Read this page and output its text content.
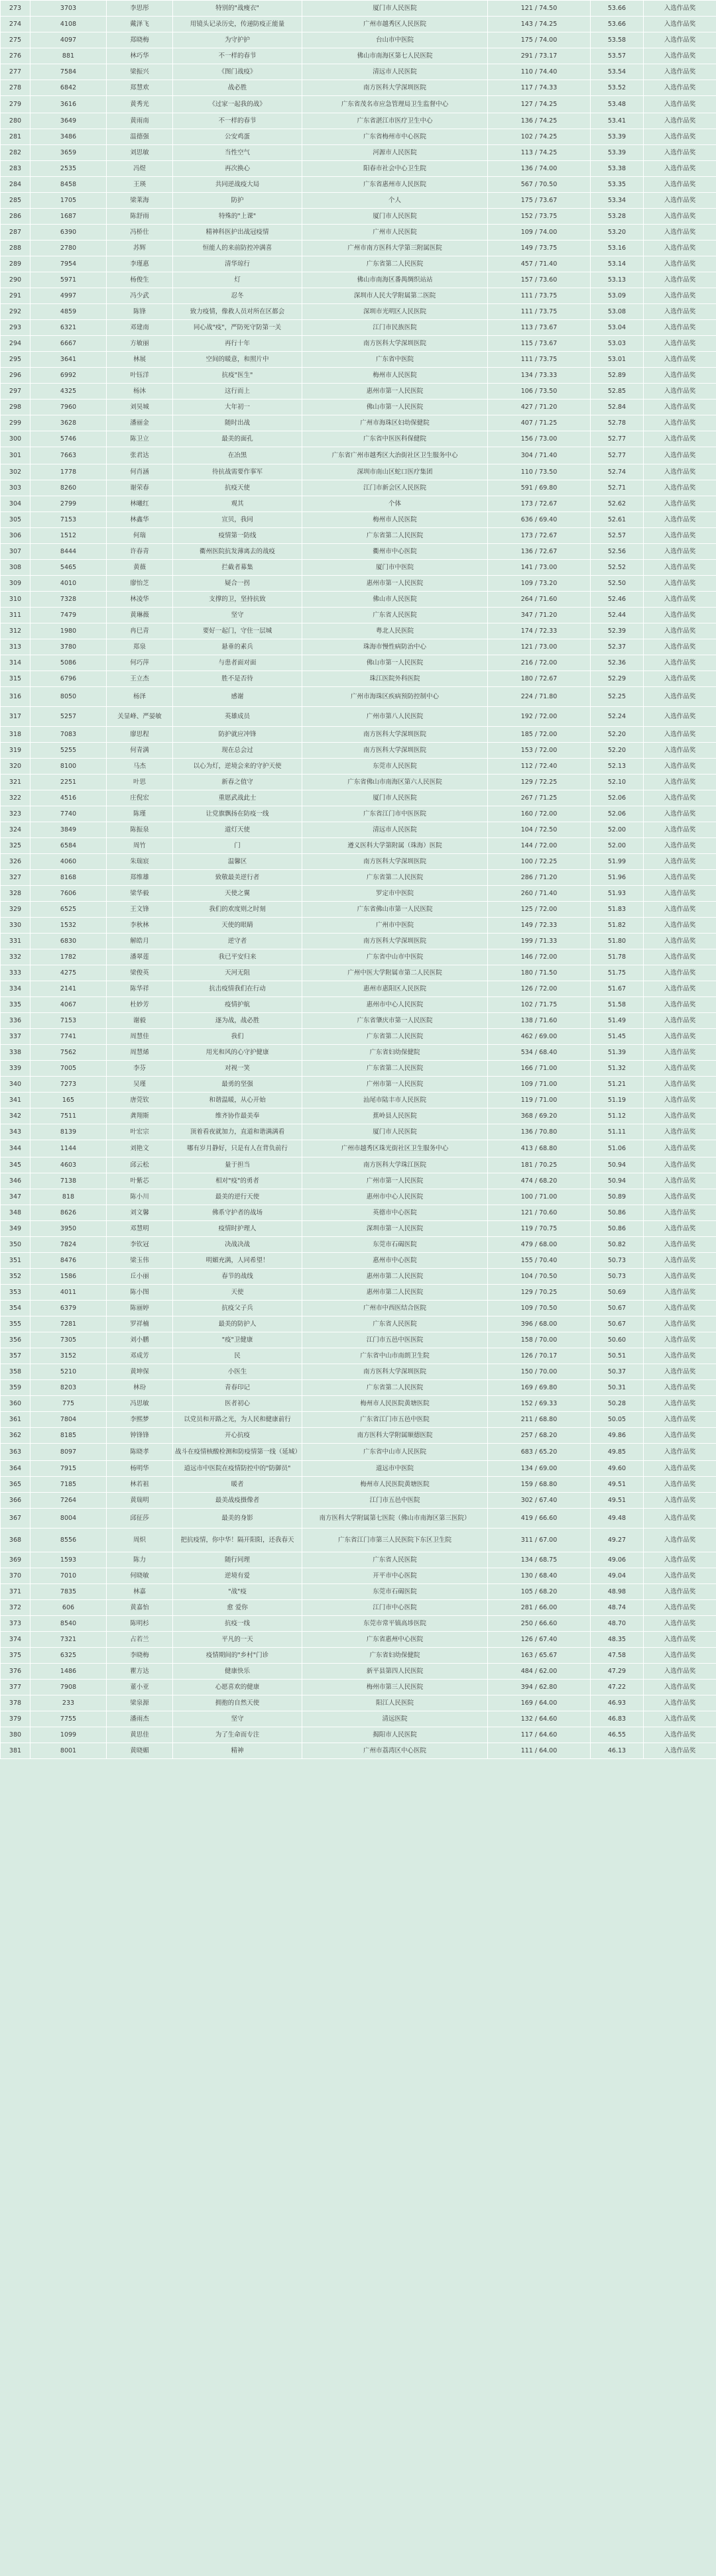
273	3703	李思彤	特别的"战瘦衣"	厦门市人民医院	121 / 74.50	53.66	入选作品奖
274	4108	戴泽飞	用镜头记录历史，传递防疫正能量	广州市越秀区人民医院	143 / 74.25	53.66	入选作品奖
275	4097	郑晓梅	为守护护	台山市中医院	175 / 74.00	53.58	入选作品奖
276	881	林巧华	不一样的春节	佛山市南海区第七人民医院	291 / 73.17	53.57	入选作品奖
277	7584	梁振兴	《图门战疫》	清远市人民医院	110 / 74.40	53.54	入选作品奖
278	6842	郑慧欢	战必胜	南方医科大学深圳医院	117 / 74.33	53.52	入选作品奖
279	3616	黄秀光	《过家一起我的战》	广东省茂名市应急管理局卫生监督中心	127 / 74.25	53.48	入选作品奖
280	3649	黄雨南	不一样的春节	广东省湛江市医疗卫生中心	136 / 74.25	53.41	入选作品奖
281	3486	温德强	公安鸡蛋	广东省梅州市中心医院	102 / 74.25	53.39	入选作品奖
282	3659	刘思敏	当性空气	河源市人民医院	113 / 74.25	53.39	入选作品奖
283	2535	冯煜	再次换心	阳春市社会中心卫生院	136 / 74.00	53.38	入选作品奖
284	8458	王瑛	共同逆战疫大局	广东省惠州市人民医院	567 / 70.50	53.35	入选作品奖
285	1705	梁莱海	防护	个人	175 / 73.67	53.34	入选作品奖
286	1687	陈舒雨	特殊的"上课"	厦门市人民医院	152 / 73.75	53.28	入选作品奖
287	6390	冯桥仕	精神科医护出战冠疫情	广州市人民医院	109 / 74.00	53.20	入选作品奖
288	2780	苏辉	恒能人的来前防控冲满喜	广州市南方医科大学第三附属医院	149 / 73.75	53.16	入选作品奖
289	7954	李瑾惠	清华琼行	广东省第二人民医院	457 / 71.40	53.14	入选作品奖
290	5971	杨俊生	灯	佛山市南海区番禺绸织站站	157 / 73.60	53.13	入选作品奖
291	4997	冯少武	忍冬	深圳市人民大学附属第二医院	111 / 73.75	53.09	入选作品奖
292	4859	陈锋	致力疫情，像救人员对所在区都会	深圳市光明区人民医院	111 / 73.75	53.08	入选作品奖
293	6321	邓建南	同心战"疫"，严防死守防第一关	江门市民族医院	113 / 73.67	53.04	入选作品奖
294	6667	方敏丽	再行十年	南方医科大学深圳医院	115 / 73.67	53.03	入选作品奖
295	3641	林展	空间的暖意，和照片中	广东省中医院	111 / 73.75	53.01	入选作品奖
296	6992	叶钰洋	抗疫"医生"	梅州市人民医院	134 / 73.33	52.89	入选作品奖
297	4325	杨沐	这行而上	惠州市第一人民医院	106 / 73.50	52.85	入选作品奖
298	7960	刘昊城	大年初一	佛山市第一人民医院	427 / 71.20	52.84	入选作品奖
299	3628	潘丽金	随时出战	广州市海珠区妇幼保健院	407 / 71.25	52.78	入选作品奖
300	5746	陈卫立	最美的面孔	广东省中医医科保健院	156 / 73.00	52.77	入选作品奖
301	7663	张君达	在冶黑	广东省广州市越秀区大治街社区卫生服务中心	304 / 71.40	52.77	入选作品奖
302	1778	何肖涵	待抗战需要作事军	深圳市南山区蛇口医疗集团	110 / 73.50	52.74	入选作品奖
303	8260	谢荣春	抗疫天使	江门市新会区人民医院	591 / 69.80	52.71	入选作品奖
304	2799	林曦红	观其	个体	173 / 72.67	52.62	入选作品奖
305	7153	林鑫华	宣贝，我同	梅州市人民医院	636 / 69.40	52.61	入选作品奖
306	1512	何瑞	疫情第一防线	广东省第二人民医院	173 / 72.67	52.57	入选作品奖
307	8444	许春青	衢州医院抗发薄离去的战疫	衢州市中心医院	136 / 72.67	52.56	入选作品奖
308	5465	黄薇	拦截者募集	厦门市中医院	141 / 73.00	52.52	入选作品奖
309	4010	廖怡芝	疑合一拐	惠州市第一人民医院	109 / 73.20	52.50	入选作品奖
310	7328	林凌华	支撑的卫，坚持抗致	佛山市人民医院	264 / 71.60	52.46	入选作品奖
311	7479	黄琳薇	坚守	广东省人民医院	347 / 71.20	52.44	入选作品奖
312	1980	冉巳青	要好一起门，守住一层城	粤北人民医院	174 / 72.33	52.39	入选作品奖
313	3780	郑泉	悬垂的素兵	珠海市慢性病防治中心	121 / 73.00	52.37	入选作品奖
314	5086	何巧萍	与患者面对面	佛山市第一人民医院	216 / 72.00	52.36	入选作品奖
315	6796	王立杰	胜不是否待	珠江医院外科医院	180 / 72.67	52.29	入选作品奖
316	8050	杨泽	感谢	广州市海珠区疾病预防控制中心	224 / 71.80	52.25	入选作品奖
317	5257	关显峰、严晏敏	英雄成员	广州市第八人民医院	192 / 72.00	52.24	入选作品奖
318	7083	廖思程	防护就应冲锋	南方医科大学深圳医院	185 / 72.00	52.20	入选作品奖
319	5255	何青满	现在总会过	南方医科大学深圳医院	153 / 72.00	52.20	入选作品奖
320	8100	马杰	以心为灯，逆境会来的守护天使	东莞市人民医院	112 / 72.40	52.13	入选作品奖
321	2251	叶思	新春之值守	广东省佛山市南海区第六人民医院	129 / 72.25	52.10	入选作品奖
322	4516	庄倪宏	重愿武战此士	厦门市人民医院	267 / 71.25	52.06	入选作品奖
323	7740	陈瑾	让党旗飘扬在防疫一线	广东省江门市中医医院	160 / 72.00	52.06	入选作品奖
324	3849	陈振泉	道灯天使	清远市人民医院	104 / 72.50	52.00	入选作品奖
325	6584	周竹	门	遵义医科大学第附属（珠海）医院	144 / 72.00	52.00	入选作品奖
326	4060	朱瑞宸	温馨区	南方医科大学深圳医院	100 / 72.25	51.99	入选作品奖
327	8168	郑维雄	致敬最美逆行者	广东省第二人民医院	286 / 71.20	51.96	入选作品奖
328	7606	梁华毅	天使之翼	罗定市中医院	260 / 71.40	51.93	入选作品奖
329	6525	王文锋	我们的欢度则之时刻	广东省佛山市第一人民医院	125 / 72.00	51.83	入选作品奖
330	1532	李秋林	天使的眼睛	广州市中医院	149 / 72.33	51.82	入选作品奖
331	6830	解皓月	逆守者	南方医科大学深圳医院	199 / 71.33	51.80	入选作品奖
332	1782	潘翠莲	我已平安归来	广东省中山市中医院	146 / 72.00	51.78	入选作品奖
333	4275	梁俊英	天河无阻	广州中医大学附属市第二人民医院	180 / 71.50	51.75	入选作品奖
334	2141	陈华祥	抗击疫情我们在行动	惠州市惠阳区人民医院	126 / 72.00	51.67	入选作品奖
335	4067	杜妙芳	疫情护航	惠州市中心人民医院	102 / 71.75	51.58	入选作品奖
336	7153	谢毅	逐为战，战必胜	广东省肇庆市第一人民医院	138 / 71.60	51.49	入选作品奖
337	7741	周慧佳	我们	广东省第二人民医院	462 / 69.00	51.45	入选作品奖
338	7562	周慧烯	用光和风的心守护健康	广东省妇幼保健院	534 / 68.40	51.39	入选作品奖
339	7005	李芬	对视一笑	广东省第二人民医院	166 / 71.00	51.32	入选作品奖
340	7273	吴瑾	最勇的坚强	广州市第一人民医院	109 / 71.00	51.21	入选作品奖
341	165	唐莞钦	和谐温暖，从心开始	汕尾市陆丰市人民医院	119 / 71.00	51.19	入选作品奖
342	7511	龚翔斯	维齐协作最美奉	蕉岭县人民医院	368 / 69.20	51.12	入选作品奖
343	8139	叶宏宗	顶着看夜就加力，直道和谐满满看	厦门市人民医院	136 / 70.80	51.11	入选作品奖
344	1144	刘艳文	哪有岁月静好，只是有人在背负前行	广州市越秀区珠光街社区卫生服务中心	413 / 68.80	51.06	入选作品奖
345	4603	邱云松	量于担当	南方医科大学珠江医院	181 / 70.25	50.94	入选作品奖
346	7138	叶紫芯	相对"疫"的勇者	广州市第一人民医院	474 / 68.20	50.94	入选作品奖
347	818	陈小川	最美的逆行天使	惠州市中心人民医院	100 / 71.00	50.89	入选作品奖
348	8626	刘文馨	佛系守护者的战场	英德市中心医院	121 / 70.60	50.86	入选作品奖
349	3950	邓慧明	疫情时护理人	深圳市第一人民医院	119 / 70.75	50.86	入选作品奖
350	7824	李钦冠	决战决战	东莞市石碣医院	479 / 68.00	50.82	入选作品奖
351	8476	梁玉伟	明媚充满，人同希望！	惠州市中心医院	155 / 70.40	50.73	入选作品奖
352	1586	丘小丽	春节的战线	惠州市第二人民医院	104 / 70.50	50.73	入选作品奖
353	4011	陈小图	天使	惠州市第二人民医院	129 / 70.25	50.69	入选作品奖
354	6379	陈丽婷	抗疫父子兵	广州市中西医结合医院	109 / 70.50	50.67	入选作品奖
355	7281	罗祥楠	最美的防护人	广东省人民医院	396 / 68.00	50.67	入选作品奖
356	7305	刘小鹏	"疫"卫健康	江门市五邑中医医院	158 / 70.00	50.60	入选作品奖
357	3152	邓成芳	民	广东省中山市南朗卫生院	126 / 70.17	50.51	入选作品奖
358	5210	黄坤保	小医生	南方医科大学深圳医院	150 / 70.00	50.37	入选作品奖
359	8203	林玢	青春印记	广东省第二人民医院	169 / 69.80	50.31	入选作品奖
360	775	冯思敏	医者初心	梅州市人民医院黄塘医院	152 / 69.33	50.28	入选作品奖
361	7804	李熙梦	以党员和开路之光，为人民和健康前行	广东省江门市五邑中医院	211 / 68.80	50.05	入选作品奖
362	8185	钟锋锋	开心抗疫	南方医科大学附属顺德医院	257 / 68.20	49.86	入选作品奖
363	8097	陈晓孝	战斗在疫情核酸检测和防疫情第一线（延城）	广东省中山市人民医院	683 / 65.20	49.85	入选作品奖
364	7915	杨明华	道远市中医院在疫情防控中的"防御员"	道远市中医院	134 / 69.00	49.60	入选作品奖
365	7185	林若祖	暖者	梅州市人民医院黄塘医院	159 / 68.80	49.51	入选作品奖
366	7264	黄瑞明	最美战疫摄像者	江门市五邑中医院	302 / 67.40	49.51	入选作品奖
367	8004	邱征莎	最美的身影	南方医科大学附属第七医院（佛山市南海区第三医院）	419 / 66.60	49.48	入选作品奖
368	8556	周炽	把抗疫情，你中华！隔开阳阳，还我春天	广东省江门市第三人民医院下东区卫生院	311 / 67.00	49.27	入选作品奖
369	1593	陈力	随行同理	广东省人民医院	134 / 68.75	49.06	入选作品奖
370	7010	何晓敏	逆境有爱	开平市中心医院	130 / 68.40	49.04	入选作品奖
371	7835	林嘉	"战"疫	东莞市石碣医院	105 / 68.20	48.98	入选作品奖
372	606	黄嘉怡	愈 爱你	江门市中心医院	281 / 66.00	48.74	入选作品奖
373	8540	陈明杉	抗疫一线	东莞市常平镇高埗医院	250 / 66.60	48.70	入选作品奖
374	7321	占若兰	平凡的一天	广东省惠州中心医院	126 / 67.40	48.35	入选作品奖
375	6325	李晓梅	疫情期间的"乡村"门诊	广东省妇幼保健院	163 / 65.67	47.58	入选作品奖
376	1486	瞿方达	健康快乐	新平县第四人民医院	484 / 62.00	47.29	入选作品奖
377	7908	董小亚	心愿喜欢的健康	梅州市第三人民医院	394 / 62.80	47.22	入选作品奖
378	233	梁泉源	拥抱的自然天使	阳江人民医院	169 / 64.00	46.93	入选作品奖
379	7755	潘雨杰	坚守	清远医院	132 / 64.60	46.83	入选作品奖
380	1099	黄思佳	为了生命而专注	揭阳市人民医院	117 / 64.60	46.55	入选作品奖
381	8001	黄晓媚	精神	广州市荔湾区中心医院	111 / 64.00	46.13	入选作品奖
